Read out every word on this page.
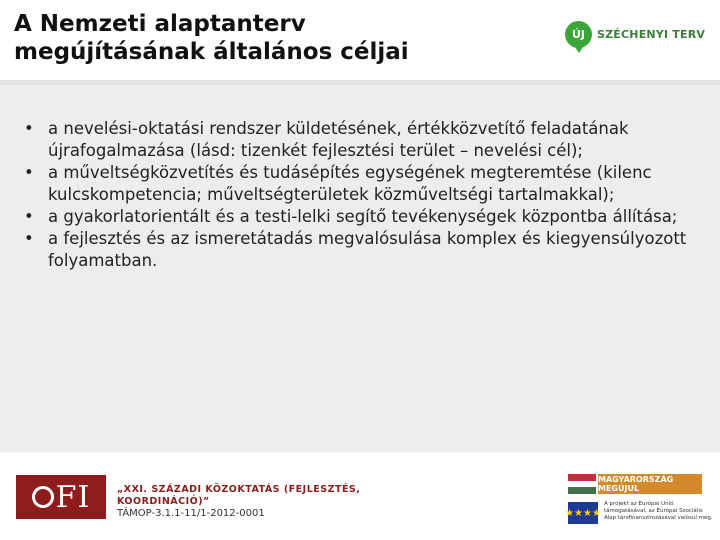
A Nemzeti alaptanterv
megújításának általános céljai
ÚJ	SZÉCHENYI TERV
• a nevelési-oktatási rendszer küldetésének, értékközvetítő feladatának újrafogalmazása (lásd: tizenkét fejlesztési terület – nevelési cél);
• a műveltségközvetítés és tudásépítés egységének megteremtése (kilenc kulcskompetencia; műveltségterületek közműveltségi tartalmakkal);
• a gyakorlatorientált és a testi-lelki segítő tevékenységek központba állítása;
• a fejlesztés és az ismeretátadás megvalósulása komplex és kiegyensúlyozott folyamatban.
FI	„XXI. SZÁZADI KÖZOKTATÁS (FEJLESZTÉS, KOORDINÁCIÓ)”
TÁMOP-3.1.1-11/1-2012-0001
MAGYARORSZÁG MEGÚJUL
★★★★
A projekt az Európai Unió támogatásával, az Európai Szociális Alap társfinanszírozásával valósul meg.
